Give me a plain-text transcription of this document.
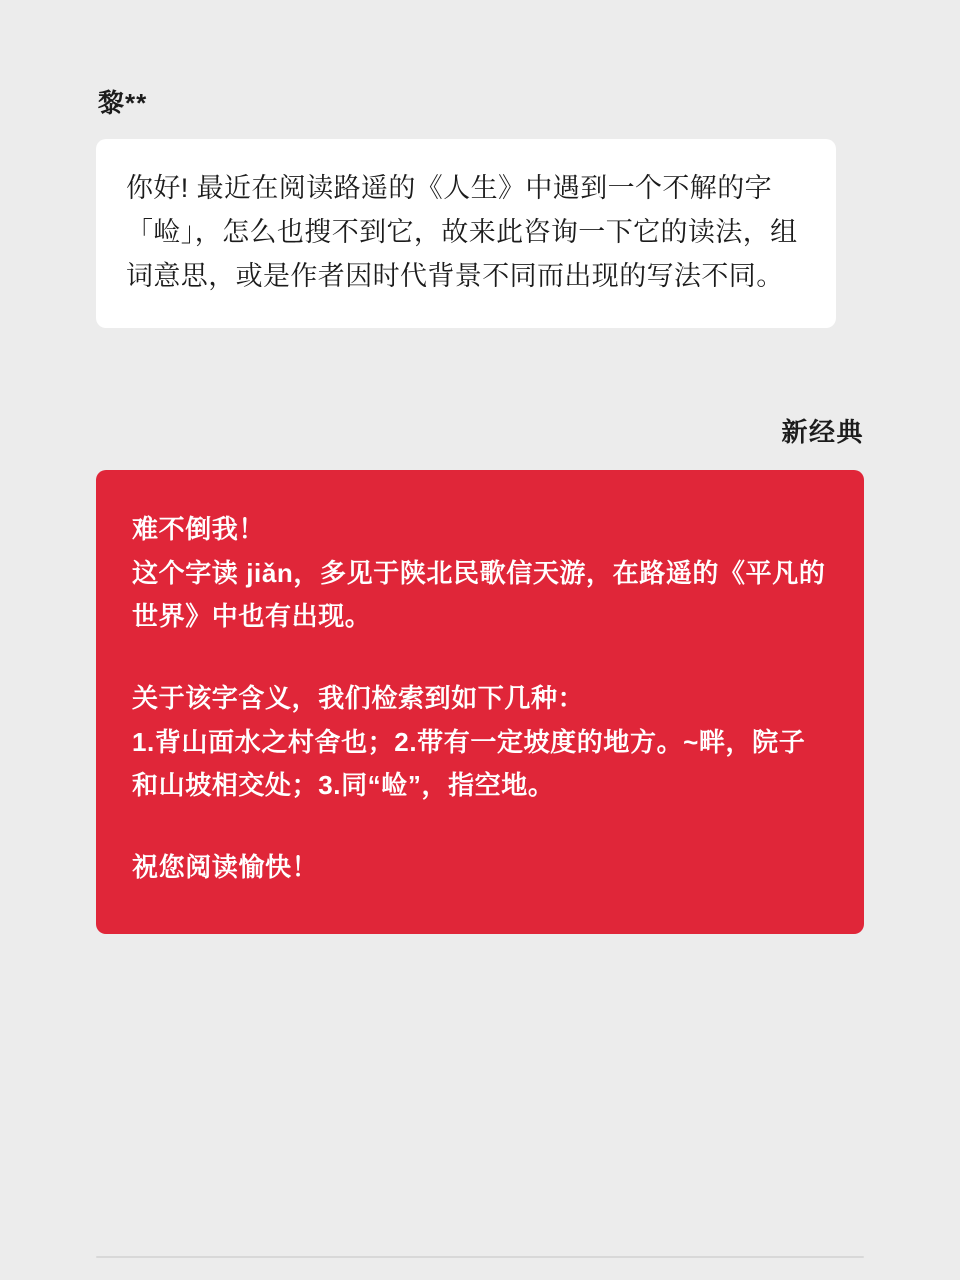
黎**

你好! 最近在阅读路遥的《人生》中遇到一个不解的字「崄」，怎么也搜不到它，故来此咨询一下它的读法，组词意思，或是作者因时代背景不同而出现的写法不同。

新经典

难不倒我！

这个字读 jiǎn，多见于陕北民歌信天游，在路遥的《平凡的世界》中也有出现。

关于该字含义，我们检索到如下几种：

1.背山面水之村舍也；2.带有一定坡度的地方。~畔，院子和山坡相交处；3.同“崄”，指空地。

祝您阅读愉快！
